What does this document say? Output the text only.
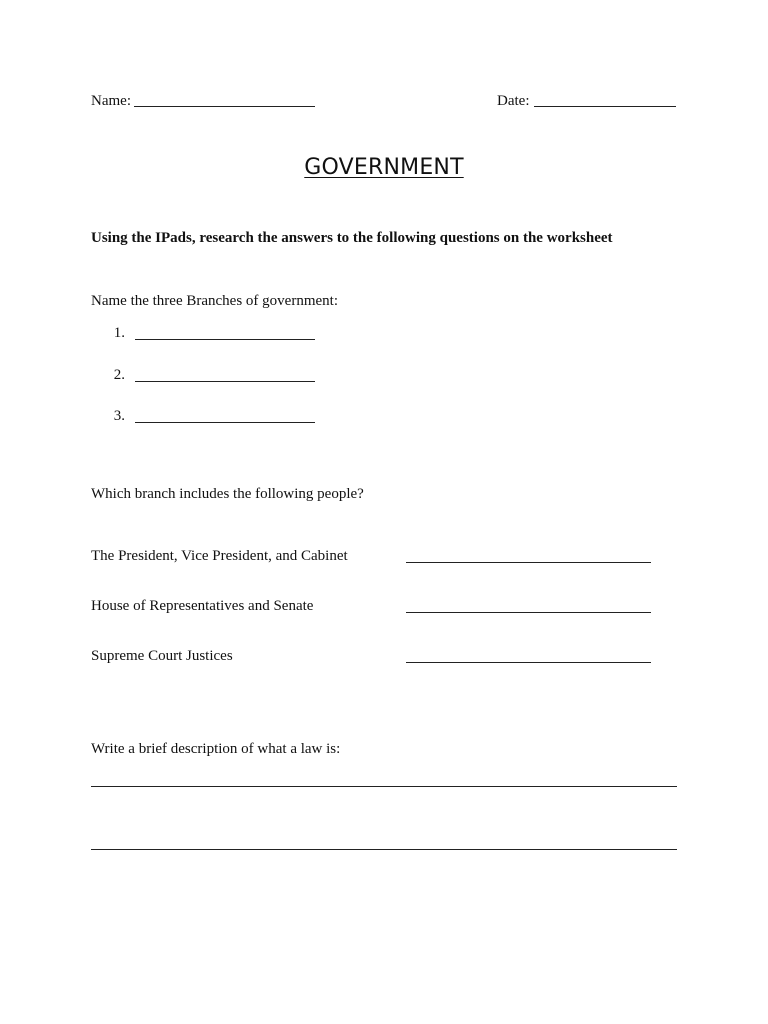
Name:	Date:
GOVERNMENT
Using the IPads, research the answers to the following questions on the worksheet
Name the three Branches of government:
1.
2.
3.
Which branch includes the following people?
The President, Vice President, and Cabinet
House of Representatives and Senate
Supreme Court Justices
Write a brief description of what a law is:
